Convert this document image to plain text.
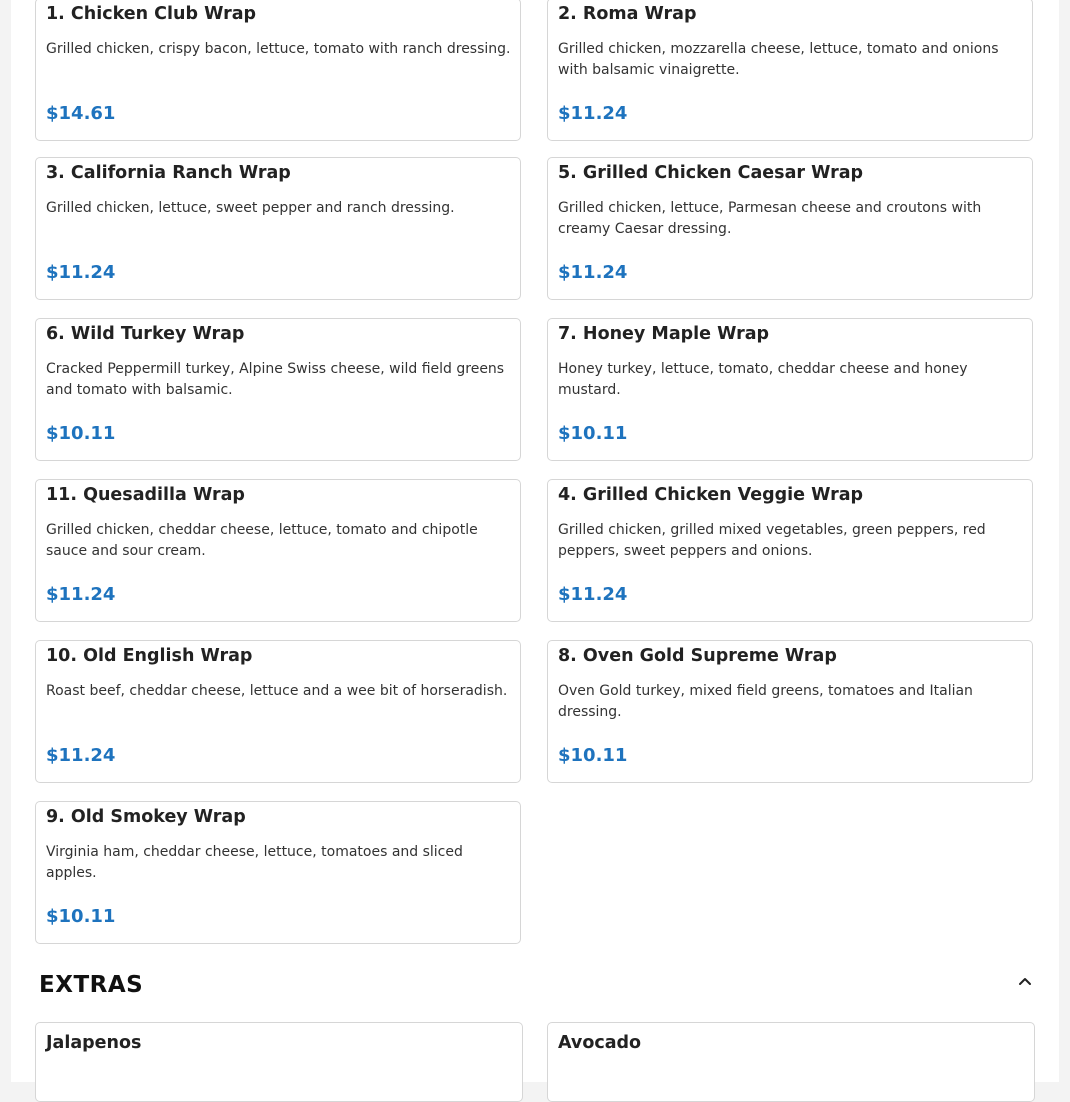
1. Chicken Club Wrap
Grilled chicken, crispy bacon, lettuce, tomato with ranch dressing.
$14.61
2. Roma Wrap
Grilled chicken, mozzarella cheese, lettuce, tomato and onions with balsamic vinaigrette.
$11.24
3. California Ranch Wrap
Grilled chicken, lettuce, sweet pepper and ranch dressing.
$11.24
5. Grilled Chicken Caesar Wrap
Grilled chicken, lettuce, Parmesan cheese and croutons with creamy Caesar dressing.
$11.24
6. Wild Turkey Wrap
Cracked Peppermill turkey, Alpine Swiss cheese, wild field greens and tomato with balsamic.
$10.11
7. Honey Maple Wrap
Honey turkey, lettuce, tomato, cheddar cheese and honey mustard.
$10.11
11. Quesadilla Wrap
Grilled chicken, cheddar cheese, lettuce, tomato and chipotle sauce and sour cream.
$11.24
4. Grilled Chicken Veggie Wrap
Grilled chicken, grilled mixed vegetables, green peppers, red peppers, sweet peppers and onions.
$11.24
10. Old English Wrap
Roast beef, cheddar cheese, lettuce and a wee bit of horseradish.
$11.24
8. Oven Gold Supreme Wrap
Oven Gold turkey, mixed field greens, tomatoes and Italian dressing.
$10.11
9. Old Smokey Wrap
Virginia ham, cheddar cheese, lettuce, tomatoes and sliced apples.
$10.11
EXTRAS
Jalapenos	Avocado
